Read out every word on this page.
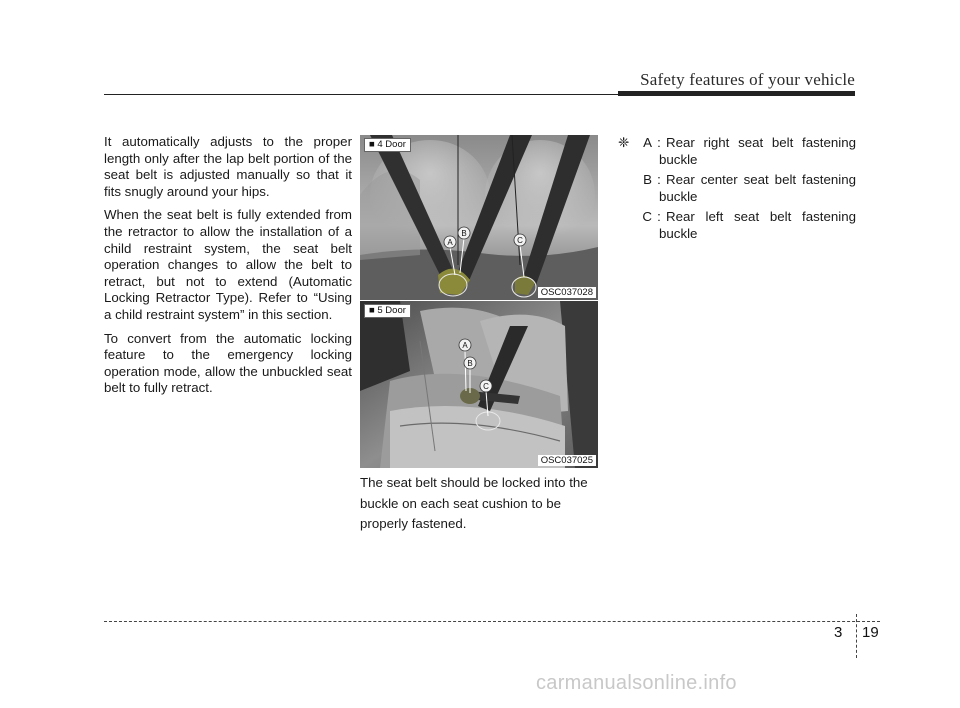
Safety features of your vehicle

It automatically adjusts to the proper length only after the lap belt portion of the seat belt is adjusted manually so that it fits snugly around your hips.

When the seat belt is fully extended from the retractor to allow the installation of a child restraint system, the seat belt operation changes to allow the belt to retract, but not to extend (Automatic Locking Retractor Type). Refer to “Using a child restraint system” in this section.

To convert from the automatic locking feature to the emergency locking operation mode, allow the unbuckled seat belt to fully retract.

A
B
C
■ 4 Door
OSC037028
A
B
C
■ 5 Door
OSC037025
The seat belt should be locked into the buckle on each seat cushion to be properly fastened.
❈	A : Rear right seat belt fastening
buckle
B : Rear center seat belt fastening
buckle
C : Rear left seat belt fastening
buckle
3 19
carmanualsonline.info
